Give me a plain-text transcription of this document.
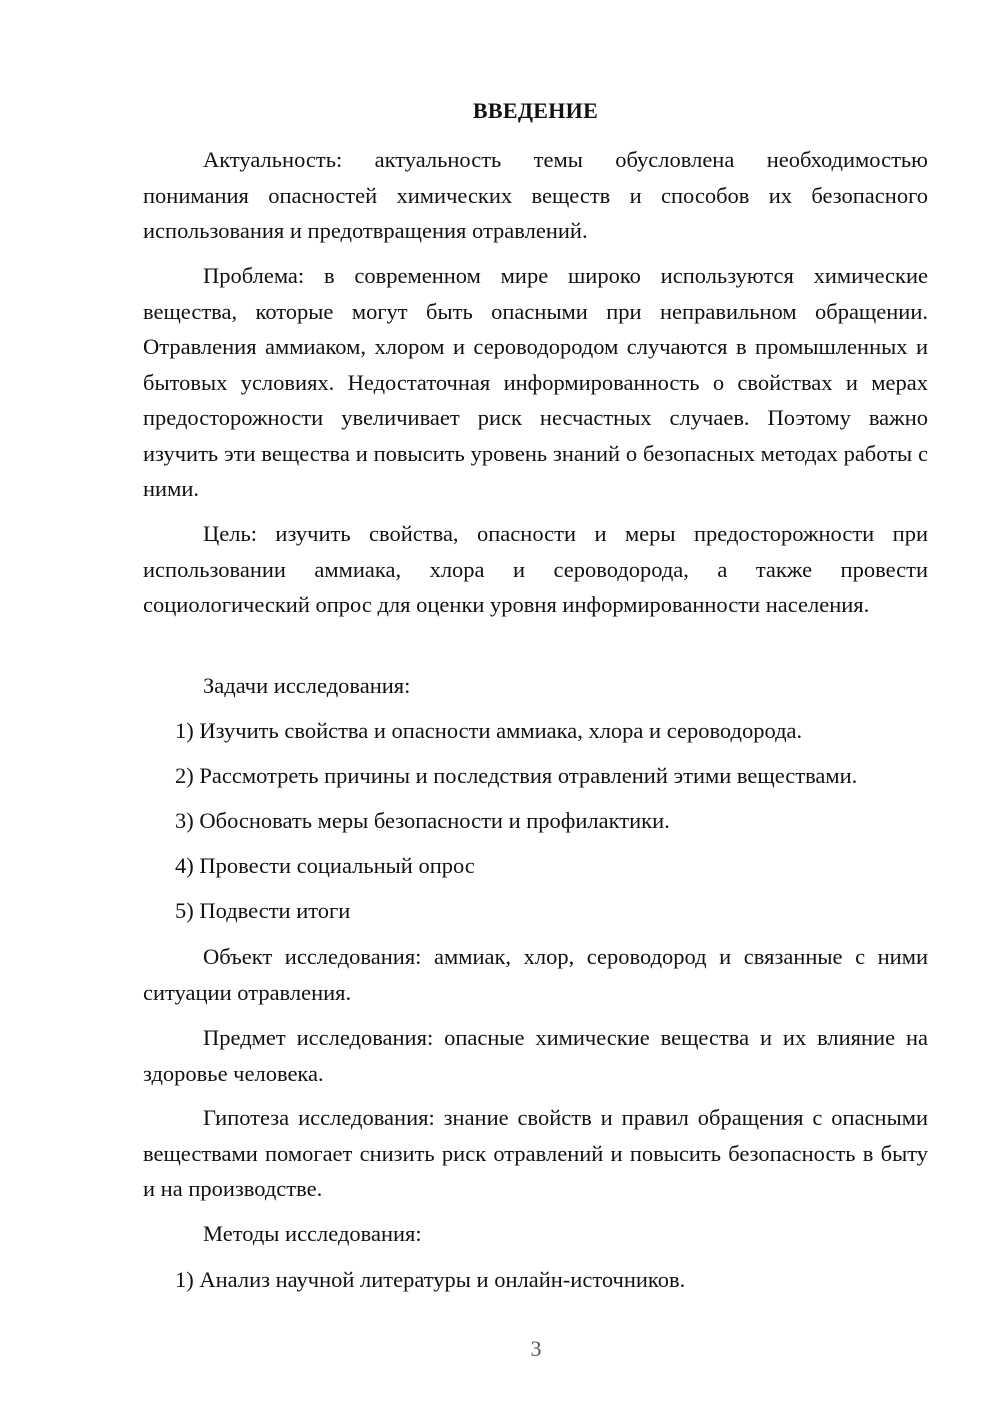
ВВЕДЕНИЕ

Актуальность: актуальность темы обусловлена необходимостью понимания опасностей химических веществ и способов их безопасного использования и предотвращения отравлений.

Проблема: в современном мире широко используются химические вещества, которые могут быть опасными при неправильном обращении. Отравления аммиаком, хлором и сероводородом случаются в промышленных и бытовых условиях. Недостаточная информированность о свойствах и мерах предосторожности увеличивает риск несчастных случаев. Поэтому важно изучить эти вещества и повысить уровень знаний о безопасных методах работы с ними.

Цель: изучить свойства, опасности и меры предосторожности при использовании аммиака, хлора и сероводорода, а также провести социологический опрос для оценки уровня информированности населения.

Задачи исследования:

1) Изучить свойства и опасности аммиака, хлора и сероводорода.

2) Рассмотреть причины и последствия отравлений этими веществами.

3) Обосновать меры безопасности и профилактики.

4) Провести социальный опрос

5) Подвести итоги

Объект исследования: аммиак, хлор, сероводород и связанные с ними ситуации отравления.

Предмет исследования: опасные химические вещества и их влияние на здоровье человека.

Гипотеза исследования: знание свойств и правил обращения с опасными веществами помогает снизить риск отравлений и повысить безопасность в быту и на производстве.

Методы исследования:

1) Анализ научной литературы и онлайн-источников.

3
